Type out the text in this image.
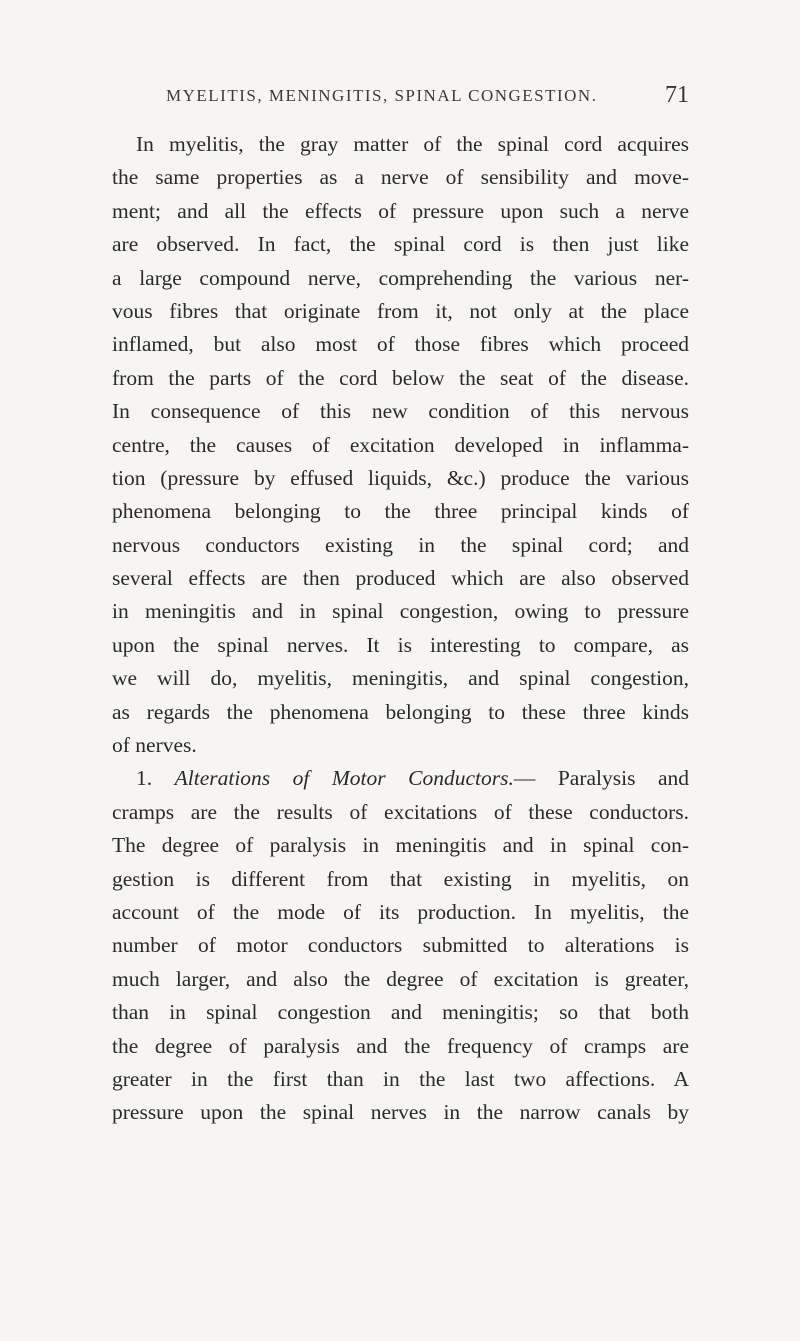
MYELITIS, MENINGITIS, SPINAL CONGESTION.	71
In myelitis, the gray matter of the spinal cord acquires
the same properties as a nerve of sensibility and move-
ment; and all the effects of pressure upon such a nerve
are observed. In fact, the spinal cord is then just like
a large compound nerve, comprehending the various ner-
vous fibres that originate from it, not only at the place
inflamed, but also most of those fibres which proceed
from the parts of the cord below the seat of the disease.
In consequence of this new condition of this nervous
centre, the causes of excitation developed in inflamma-
tion (pressure by effused liquids, &c.) produce the various
phenomena belonging to the three principal kinds of
nervous conductors existing in the spinal cord; and
several effects are then produced which are also observed
in meningitis and in spinal congestion, owing to pressure
upon the spinal nerves. It is interesting to compare, as
we will do, myelitis, meningitis, and spinal congestion,
as regards the phenomena belonging to these three kinds
of nerves.
1. Alterations of Motor Conductors.— Paralysis and
cramps are the results of excitations of these conductors.
The degree of paralysis in meningitis and in spinal con-
gestion is different from that existing in myelitis, on
account of the mode of its production. In myelitis, the
number of motor conductors submitted to alterations is
much larger, and also the degree of excitation is greater,
than in spinal congestion and meningitis; so that both
the degree of paralysis and the frequency of cramps are
greater in the first than in the last two affections. A
pressure upon the spinal nerves in the narrow canals by
